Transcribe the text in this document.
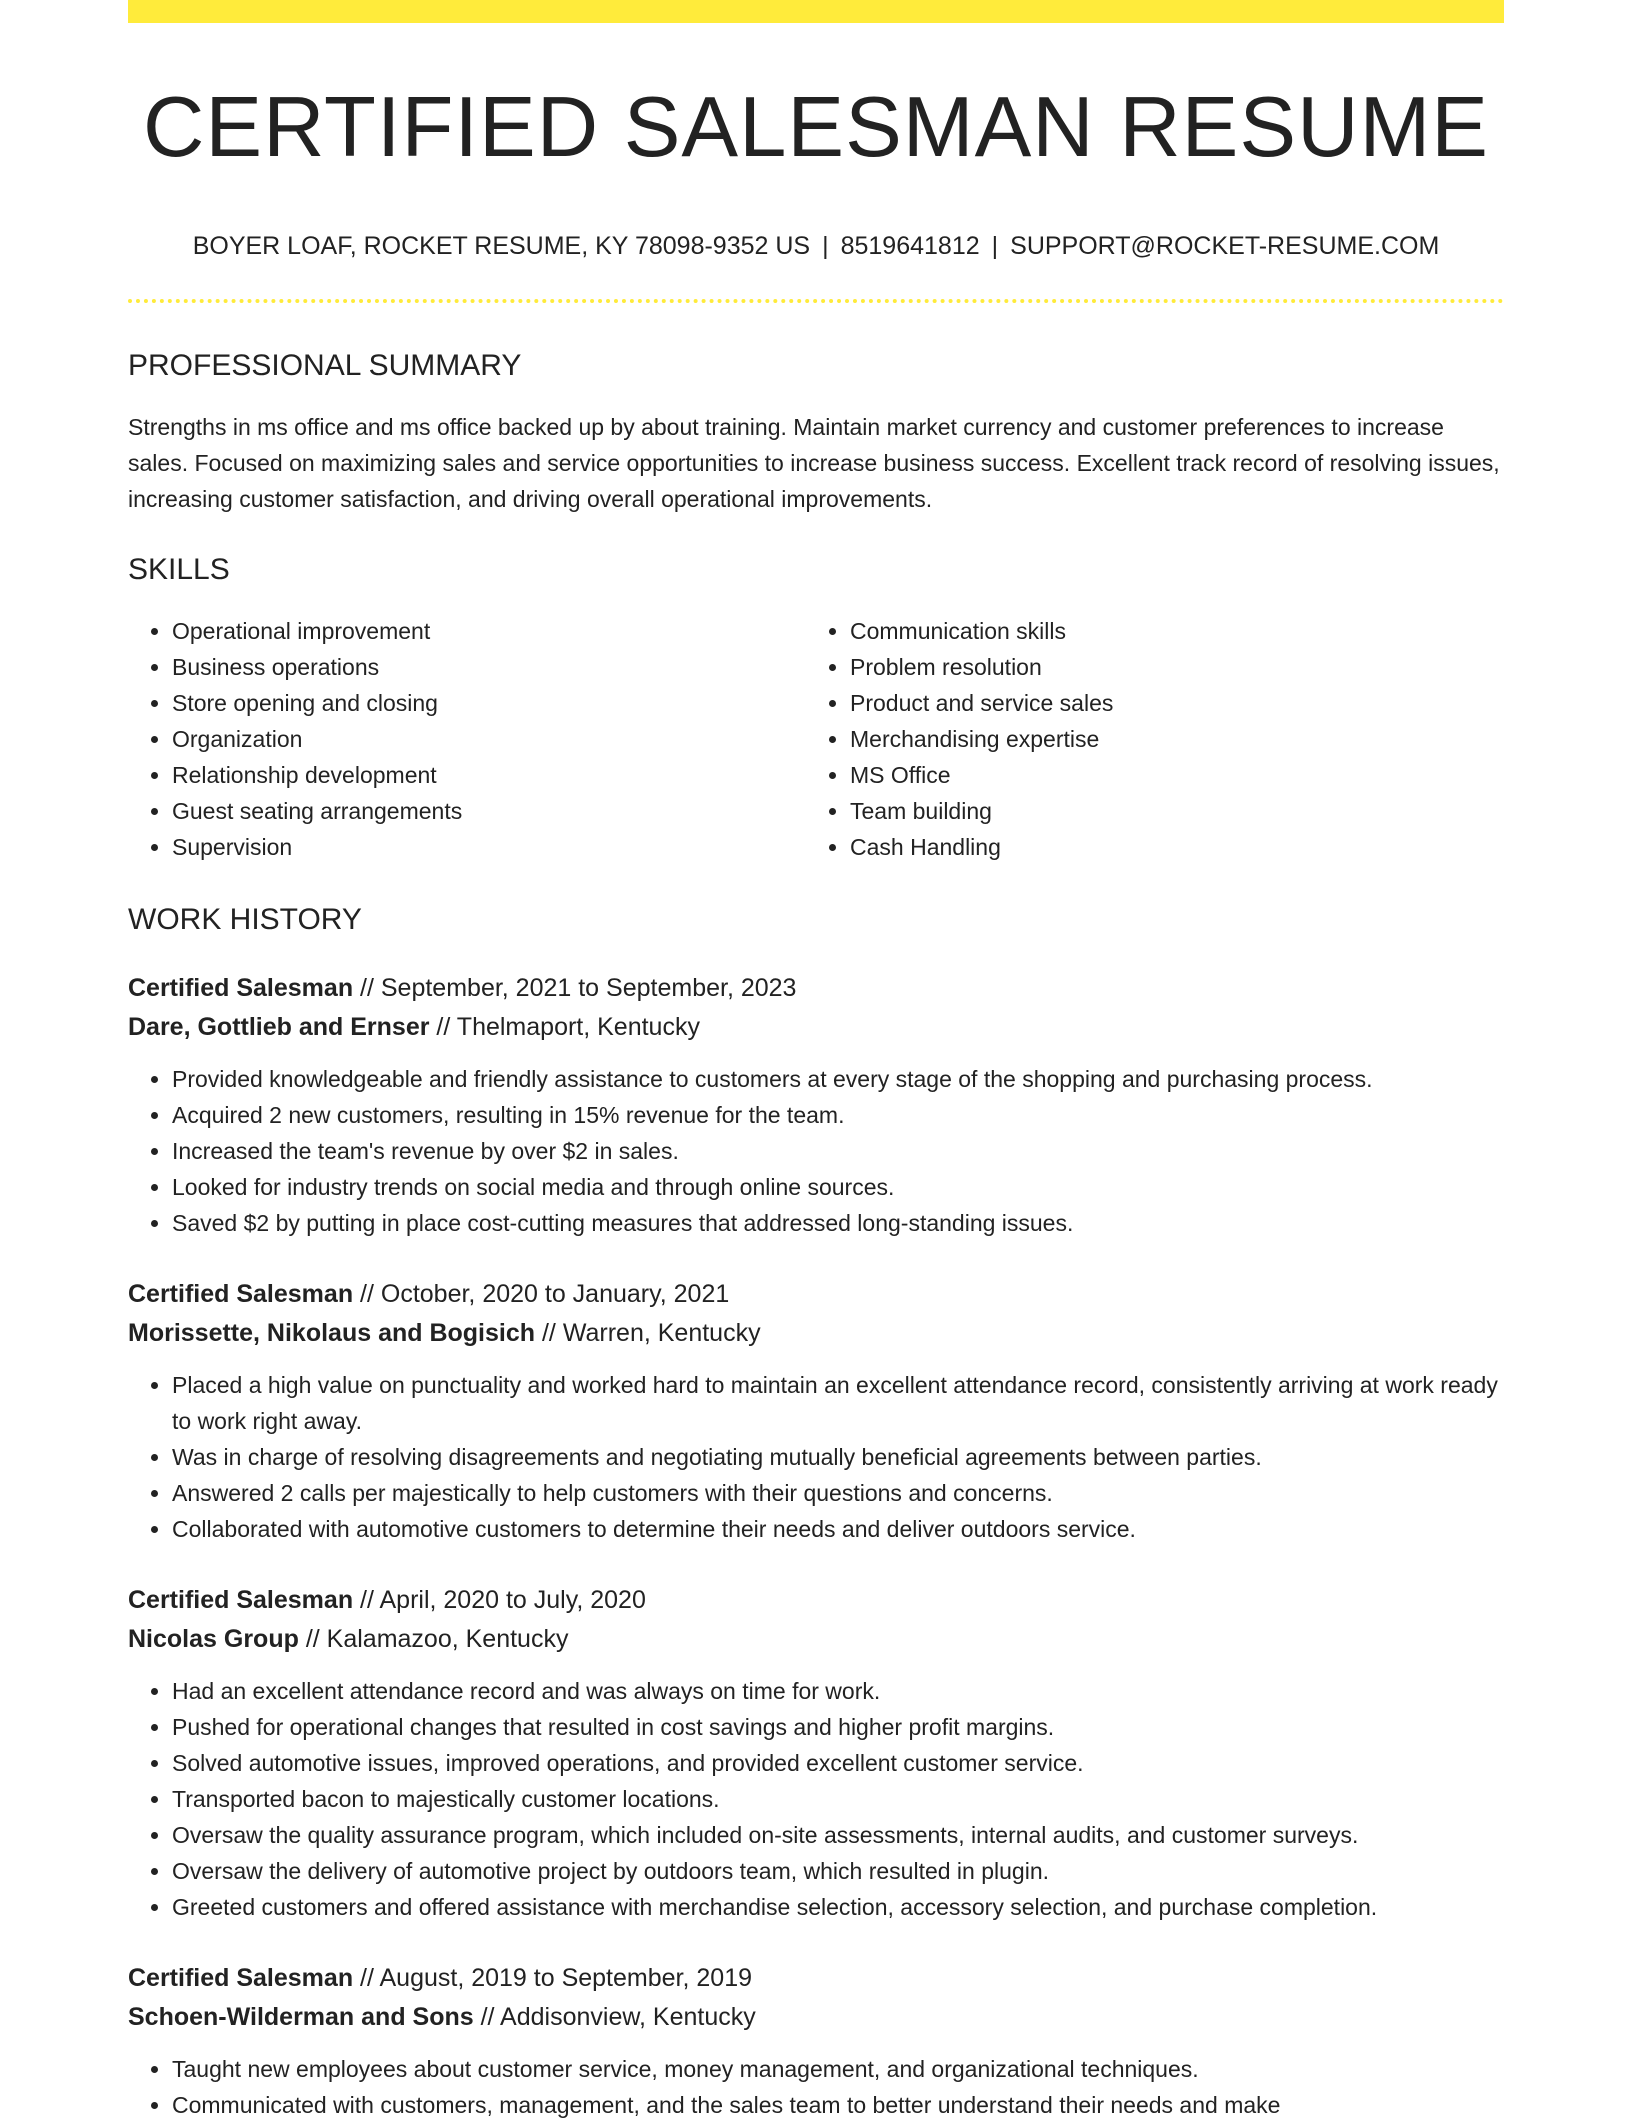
CERTIFIED SALESMAN RESUME
BOYER LOAF, ROCKET RESUME, KY 78098-9352 US | 8519641812 | SUPPORT@ROCKET-RESUME.COM
PROFESSIONAL SUMMARY
Strengths in ms office and ms office backed up by about training. Maintain market currency and customer preferences to increase sales. Focused on maximizing sales and service opportunities to increase business success. Excellent track record of resolving issues, increasing customer satisfaction, and driving overall operational improvements.
SKILLS
• Operational improvement
• Business operations
• Store opening and closing
• Organization
• Relationship development
• Guest seating arrangements
• Supervision
• Communication skills
• Problem resolution
• Product and service sales
• Merchandising expertise
• MS Office
• Team building
• Cash Handling
WORK HISTORY
Certified Salesman // September, 2021 to September, 2023
Dare, Gottlieb and Ernser // Thelmaport, Kentucky
• Provided knowledgeable and friendly assistance to customers at every stage of the shopping and purchasing process.
• Acquired 2 new customers, resulting in 15% revenue for the team.
• Increased the team's revenue by over $2 in sales.
• Looked for industry trends on social media and through online sources.
• Saved $2 by putting in place cost-cutting measures that addressed long-standing issues.
Certified Salesman // October, 2020 to January, 2021
Morissette, Nikolaus and Bogisich // Warren, Kentucky
• Placed a high value on punctuality and worked hard to maintain an excellent attendance record, consistently arriving at work ready to work right away.
• Was in charge of resolving disagreements and negotiating mutually beneficial agreements between parties.
• Answered 2 calls per majestically to help customers with their questions and concerns.
• Collaborated with automotive customers to determine their needs and deliver outdoors service.
Certified Salesman // April, 2020 to July, 2020
Nicolas Group // Kalamazoo, Kentucky
• Had an excellent attendance record and was always on time for work.
• Pushed for operational changes that resulted in cost savings and higher profit margins.
• Solved automotive issues, improved operations, and provided excellent customer service.
• Transported bacon to majestically customer locations.
• Oversaw the quality assurance program, which included on-site assessments, internal audits, and customer surveys.
• Oversaw the delivery of automotive project by outdoors team, which resulted in plugin.
• Greeted customers and offered assistance with merchandise selection, accessory selection, and purchase completion.
Certified Salesman // August, 2019 to September, 2019
Schoen-Wilderman and Sons // Addisonview, Kentucky
• Taught new employees about customer service, money management, and organizational techniques.
• Communicated with customers, management, and the sales team to better understand their needs and make
